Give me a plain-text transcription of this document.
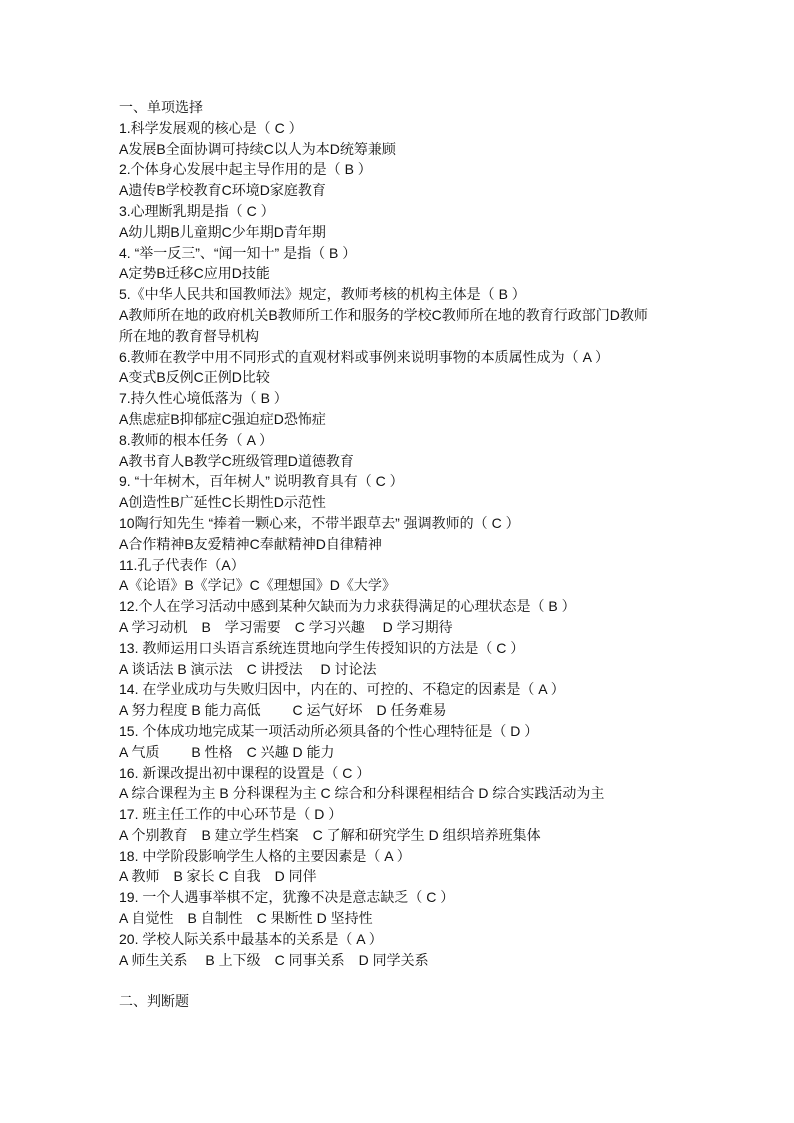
一、单项选择
1.科学发展观的核心是（ C ）
A发展B全面协调可持续C以人为本D统筹兼顾
2.个体身心发展中起主导作用的是（ B ）
A遗传B学校教育C环境D家庭教育
3.心理断乳期是指（ C ）
A幼儿期B儿童期C少年期D青年期
4. “举一反三”、“闻一知十” 是指（ B ）
A定势B迁移C应用D技能
5.《中华人民共和国教师法》规定，教师考核的机构主体是（ B ）
A教师所在地的政府机关B教师所工作和服务的学校C教师所在地的教育行政部门D教师
所在地的教育督导机构
6.教师在教学中用不同形式的直观材料或事例来说明事物的本质属性成为（ A ）
A变式B反例C正例D比较
7.持久性心境低落为（ B ）
A焦虑症B抑郁症C强迫症D恐怖症
8.教师的根本任务（ A ）
A教书育人B教学C班级管理D道德教育
9. “十年树木，百年树人” 说明教育具有（ C ）
A创造性B广延性C长期性D示范性
10陶行知先生 “捧着一颗心来，不带半跟草去” 强调教师的（ C ）
A合作精神B友爱精神C奉献精神D自律精神
11.孔子代表作（A）
A《论语》B《学记》C《理想国》D《大学》
12.个人在学习活动中感到某种欠缺而为力求获得满足的心理状态是（ B ）
A 学习动机　B　学习需要　C 学习兴趣　 D 学习期待
13. 教师运用口头语言系统连贯地向学生传授知识的方法是（ C ）
A 谈话法 B 演示法　C 讲授法　 D 讨论法
14. 在学业成功与失败归因中，内在的、可控的、不稳定的因素是（ A ）
A 努力程度 B 能力高低　　 C 运气好坏　D 任务难易
15. 个体成功地完成某一项活动所必须具备的个性心理特征是（ D ）
A 气质　　 B 性格　C 兴趣 D 能力
16. 新课改提出初中课程的设置是（ C ）
A 综合课程为主 B 分科课程为主 C 综合和分科课程相结合 D 综合实践活动为主
17. 班主任工作的中心环节是（ D ）
A 个别教育　B 建立学生档案　C 了解和研究学生 D 组织培养班集体
18. 中学阶段影响学生人格的主要因素是（ A ）
A 教师　B 家长 C 自我　D 同伴
19. 一个人遇事举棋不定，犹豫不决是意志缺乏（ C ）
A 自觉性　B 自制性　C 果断性 D 坚持性
20. 学校人际关系中最基本的关系是（ A ）
A 师生关系　 B 上下级　C 同事关系　D 同学关系
二、判断题
